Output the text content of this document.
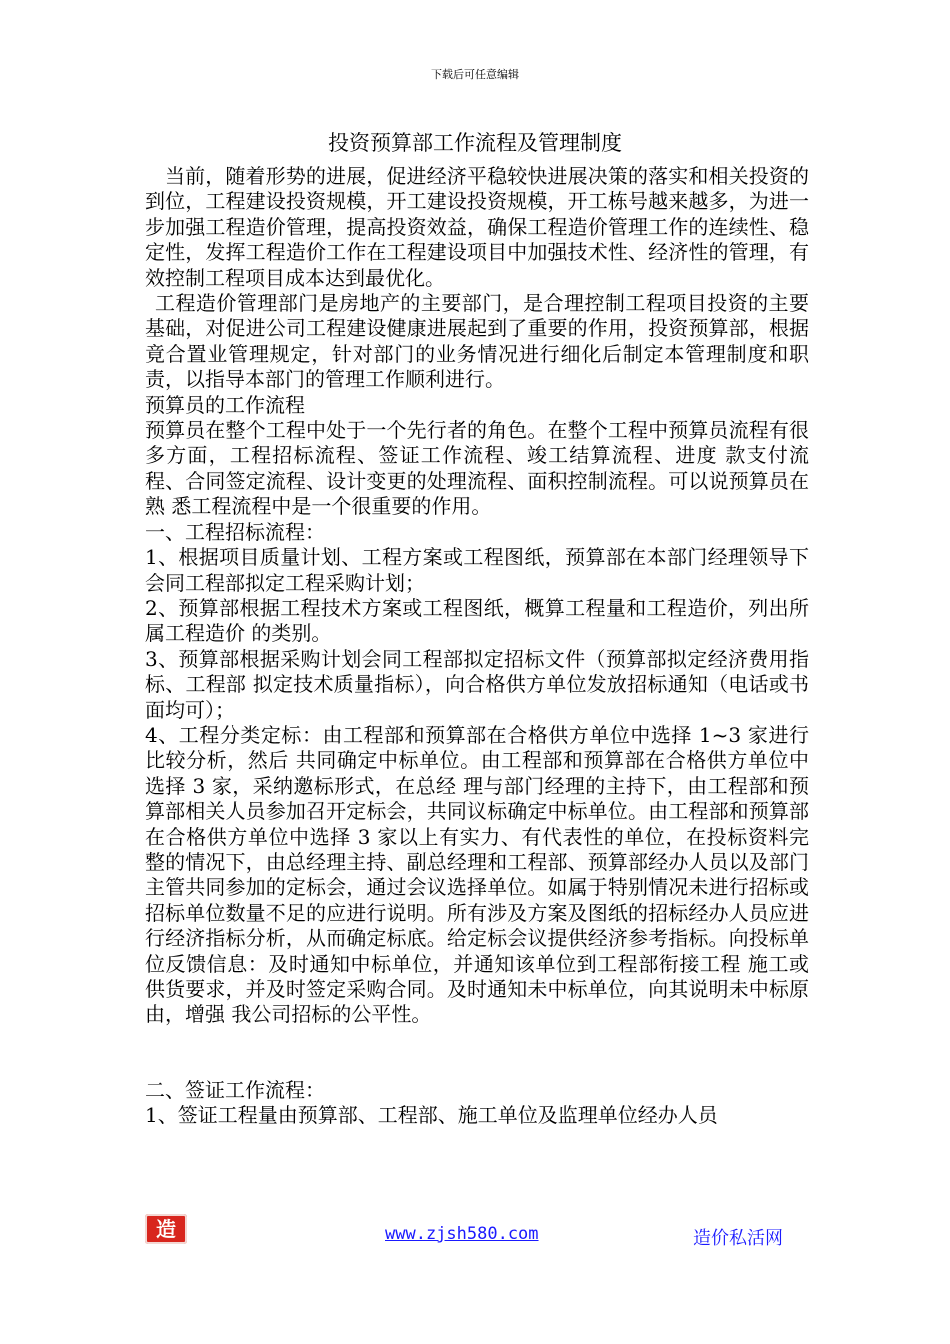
下载后可任意编辑
投资预算部工作流程及管理制度

当前，随着形势的进展，促进经济平稳较快进展决策的落实和相关投资的到位，工程建设投资规模，开工建设投资规模，开工栋号越来越多，为进一步加强工程造价管理，提高投资效益，确保工程造价管理工作的连续性、稳定性，发挥工程造价工作在工程建设项目中加强技术性、经济性的管理，有效控制工程项目成本达到最优化。

工程造价管理部门是房地产的主要部门，是合理控制工程项目投资的主要基础，对促进公司工程建设健康进展起到了重要的作用，投资预算部，根据竟合置业管理规定，针对部门的业务情况进行细化后制定本管理制度和职责，以指导本部门的管理工作顺利进行。

预算员的工作流程

预算员在整个工程中处于一个先行者的角色。在整个工程中预算员流程有很多方面，工程招标流程、签证工作流程、竣工结算流程、进度 款支付流程、合同签定流程、设计变更的处理流程、面积控制流程。可以说预算员在熟 悉工程流程中是一个很重要的作用。

一、工程招标流程：

1、根据项目质量计划、工程方案或工程图纸，预算部在本部门经理领导下会同工程部拟定工程采购计划；

2、预算部根据工程技术方案或工程图纸，概算工程量和工程造价，列出所属工程造价 的类别。

3、预算部根据采购计划会同工程部拟定招标文件（预算部拟定经济费用指标、工程部 拟定技术质量指标），向合格供方单位发放招标通知（电话或书面均可）；

4、工程分类定标：由工程部和预算部在合格供方单位中选择 1~3 家进行比较分析，然后 共同确定中标单位。由工程部和预算部在合格供方单位中选择 3 家，采纳邀标形式，在总经 理与部门经理的主持下，由工程部和预算部相关人员参加召开定标会，共同议标确定中标单位。由工程部和预算部在合格供方单位中选择 3 家以上有实力、有代表性的单位，在投标资料完 整的情况下，由总经理主持、副总经理和工程部、预算部经办人员以及部门主管共同参加的定标会，通过会议选择单位。如属于特别情况未进行招标或招标单位数量不足的应进行说明。所有涉及方案及图纸的招标经办人员应进行经济指标分析，从而确定标底。给定标会议提供经济参考指标。向投标单位反馈信息：及时通知中标单位，并通知该单位到工程部衔接工程 施工或供货要求，并及时签定采购合同。及时通知未中标单位，向其说明未中标原由，增强 我公司招标的公平性。

二、签证工作流程：

1、签证工程量由预算部、工程部、施工单位及监理单位经办人员

造	www.zjsh580.com	造价私活网
